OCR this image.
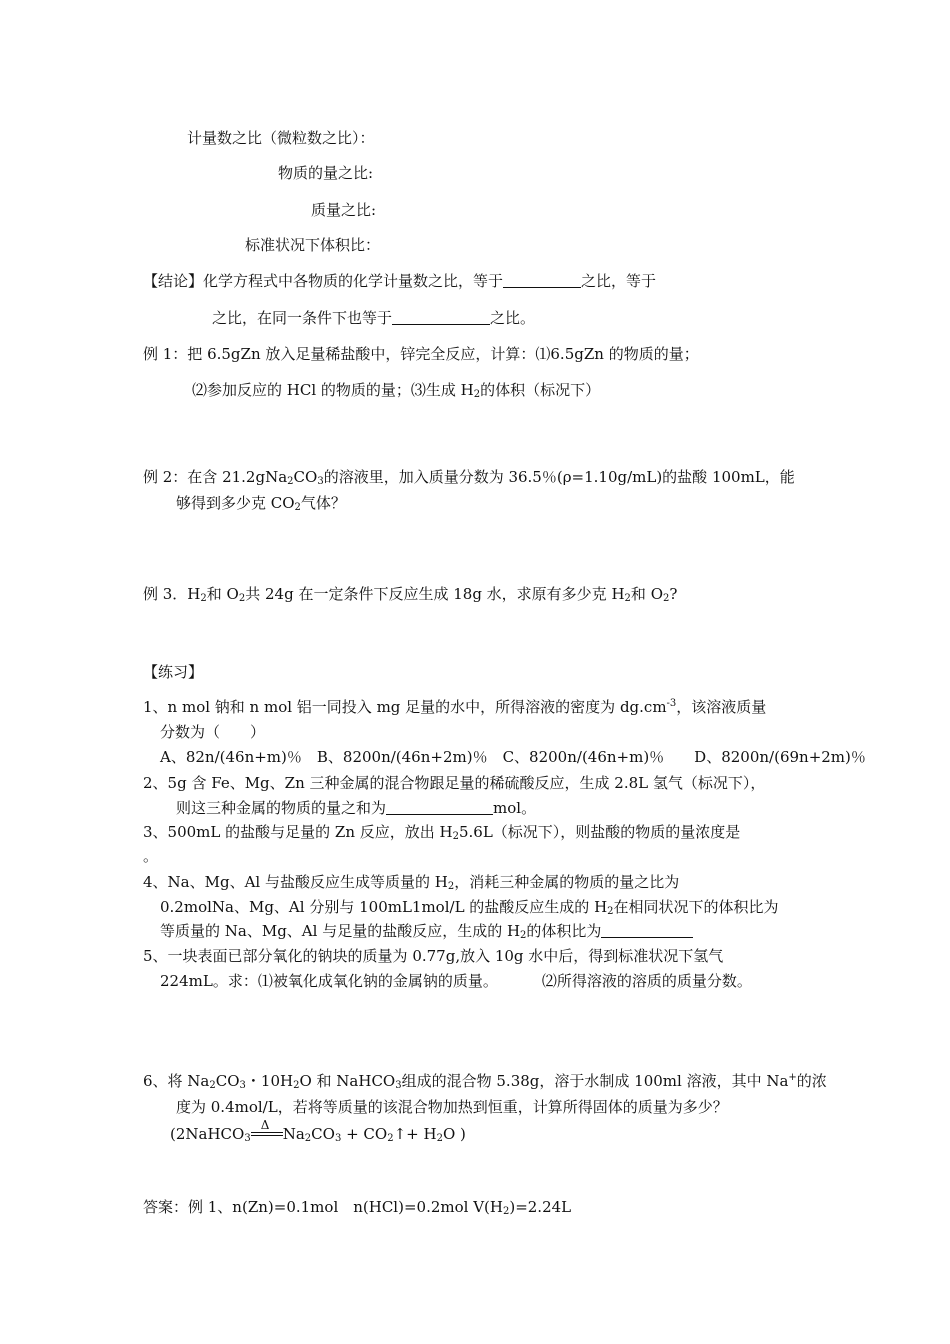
计量数之比（微粒数之比）：
物质的量之比:
质量之比:
标准状况下体积比：
【结论】化学方程式中各物质的化学计量数之比，等于	之比，等于
之比，在同一条件下也等于	之比。
例 1：把 6.5gZn 放入足量稀盐酸中，锌完全反应，计算：⑴6.5gZn 的物质的量；
⑵参加反应的 HCl 的物质的量；⑶生成 $H_2$的体积（标况下）
例 2：在含 $21.2gNa_2CO_3$的溶液里，加入质量分数为 36.5％(ρ=1.10g/mL)的盐酸 100mL，能
够得到多少克 $CO_2$气体？
例 3．$H_2$和 $O_2$共 24g 在一定条件下反应生成 18g 水，求原有多少克 $H_2$和 $O_2$?
【练习】
1、n mol 钠和 n mol 铝一同投入 mg 足量的水中，所得溶液的密度为 $dg.cm^{-3}$，该溶液质量
分数为（　　）
A、82n/(46n+m)％　B、8200n/(46n+2m)％　C、8200n/(46n+m)％　　D、8200n/(69n+2m)％
2、5g 含 Fe、Mg、Zn 三种金属的混合物跟足量的稀硫酸反应，生成 2.8L 氢气（标况下），
则这三种金属的物质的量之和为	mol。
3、500mL 的盐酸与足量的 Zn 反应，放出 $H_25.6L$（标况下），则盐酸的物质的量浓度是
。
4、Na、Mg、Al 与盐酸反应生成等质量的 $H_2$，消耗三种金属的物质的量之比为
0.2molNa、Mg、Al 分别与 100mL1mol/L 的盐酸反应生成的 $H_2$在相同状况下的体积比为
等质量的 Na、Mg、Al 与足量的盐酸反应，生成的 $H_2$的体积比为
5、一块表面已部分氧化的钠块的质量为 0.77g,放入 10g 水中后，得到标准状况下氢气
224mL。求：⑴被氧化成氧化钠的金属钠的质量。	⑵所得溶液的溶质的质量分数。
6、将 $Na_2CO_3$・$10H_2O$ 和 NaHCO$_3$组成的混合物 5.38g，溶于水制成 100ml 溶液，其中 Na+的浓
度为 0.4mol/L，若将等质量的该混合物加热到恒重，计算所得固体的质量为多少？
(2NaHCO$_3$
Δ $Na_2CO_3$ + $CO_2↑+ H_2O$ )
答案：例 1、n(Zn)=0.1mol　n(HCl)=0.2mol $V(H_2)=2.24L$
